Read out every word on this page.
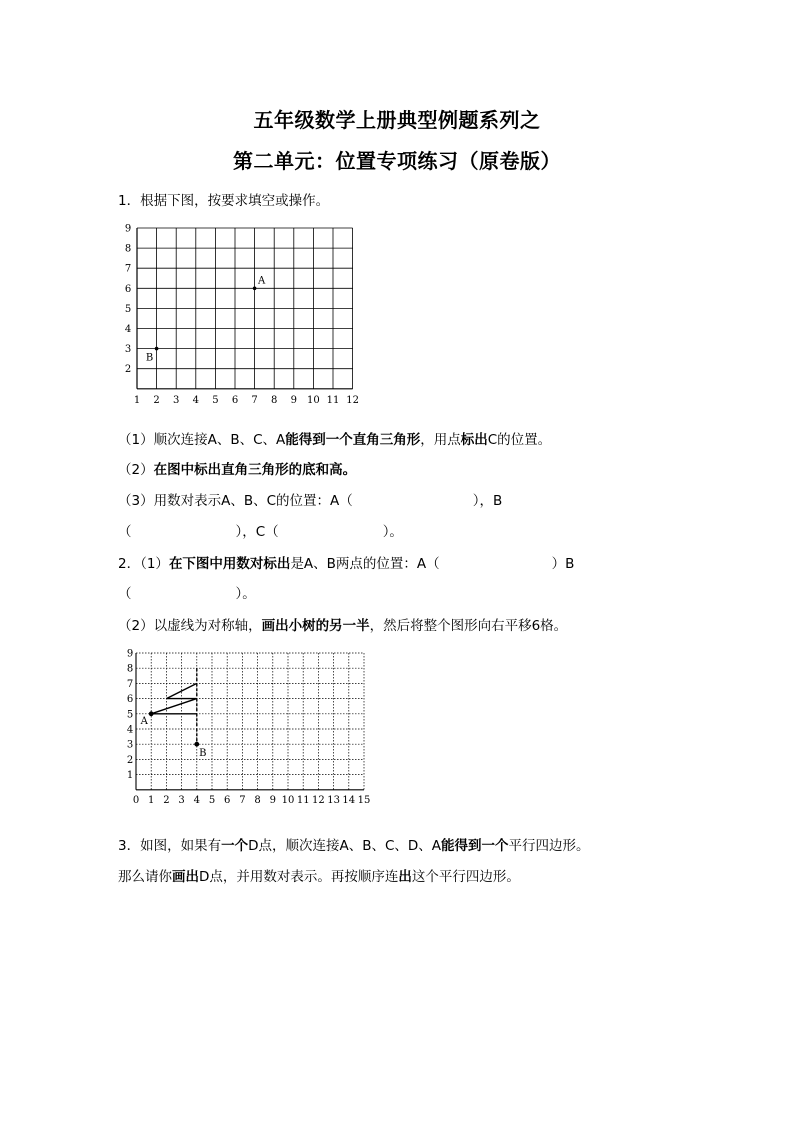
五年级数学上册典型例题系列之
第二单元：位置专项练习（原卷版）
1．根据下图，按要求填空或操作。
1 2 3 4 5 6 7 8 9 10 11 12
2
3
4
5
6
7
8
9
A
B
（1）顺次连接A、B、C、A能得到一个直角三角形，用点标出C的位置。
（2）在图中标出直角三角形的底和高。
（3）用数对表示A、B、C的位置：A（	），B
（	），C（	）。
2．（1）在下图中用数对标出是A、B两点的位置：A（	）B
（	）。
（2）以虚线为对称轴，画出小树的另一半，然后将整个图形向右平移6格。
0 1 2 3 4 5 6 7 8 9 10 11 12 13 14 15
1
2
3
4
5
6
7
8
9
A
B
3．如图，如果有一个D点，顺次连接A、B、C、D、A能得到一个平行四边形。
那么请你画出D点，并用数对表示。再按顺序连出这个平行四边形。
